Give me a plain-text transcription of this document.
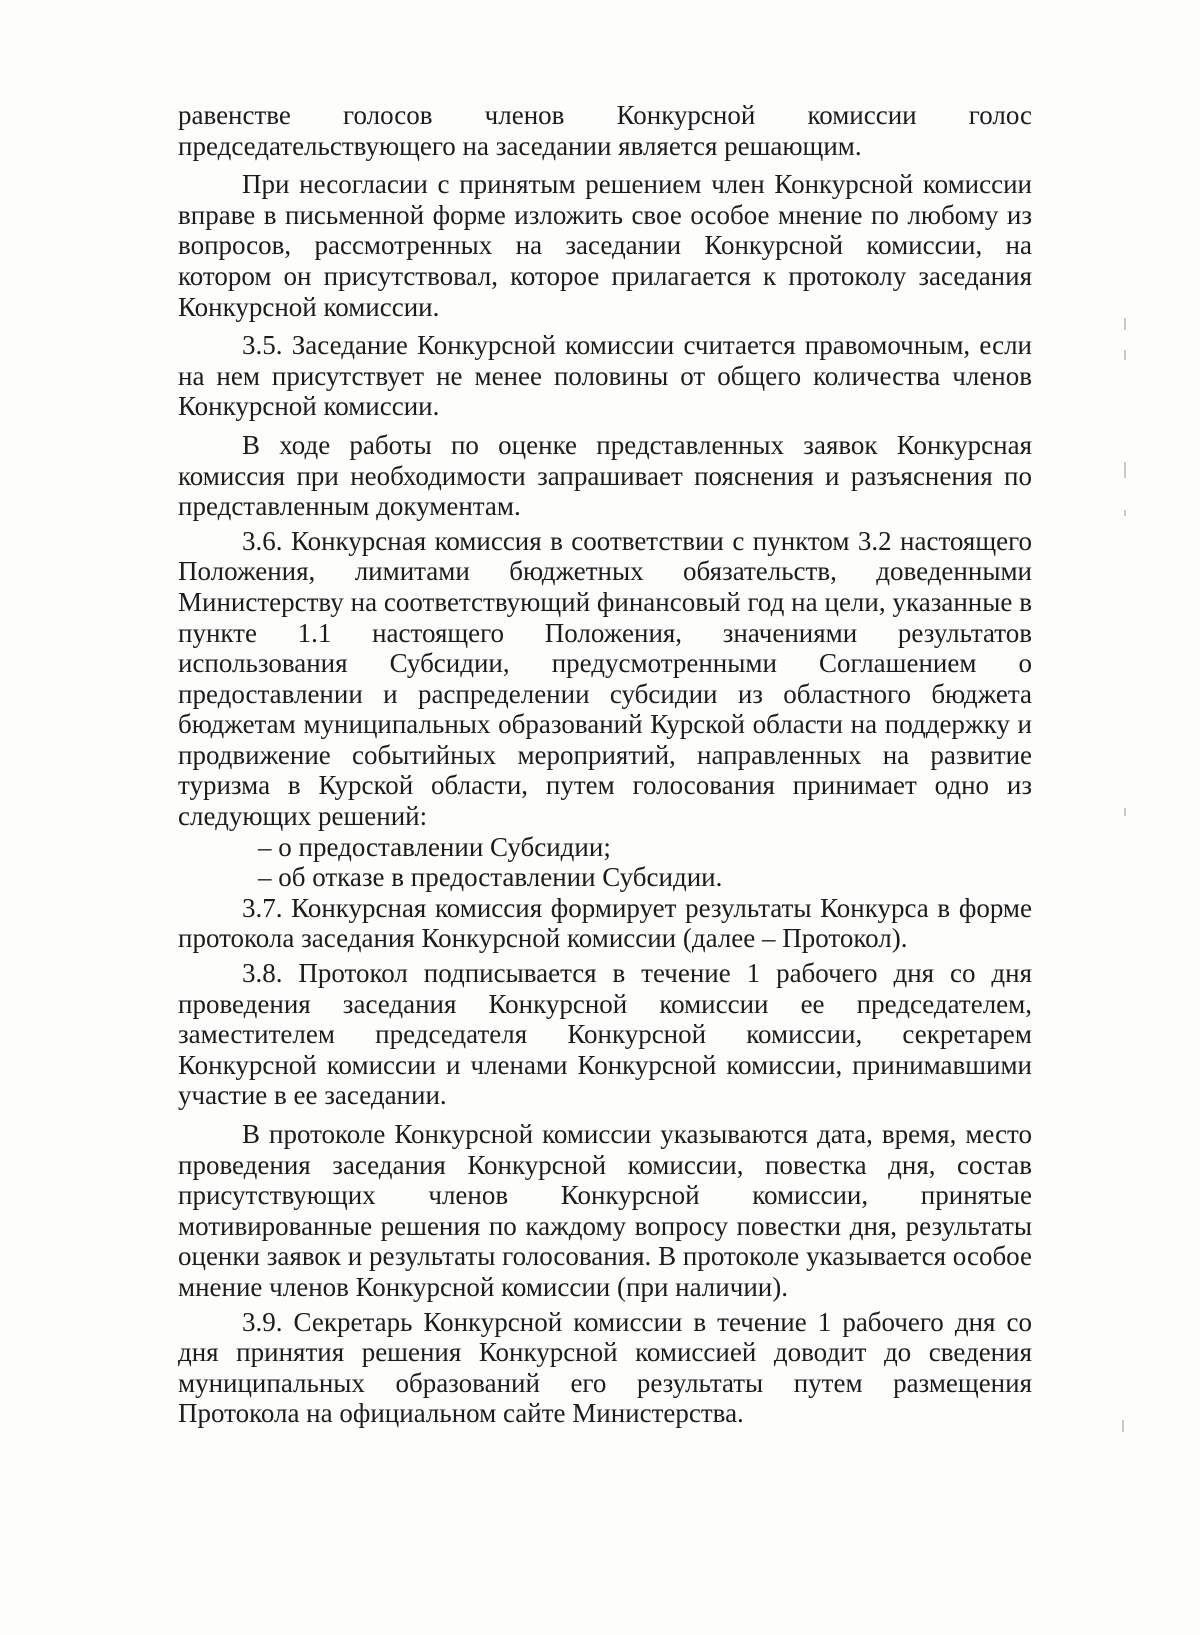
равенстве голосов членов Конкурсной комиссии голос председательствующего на заседании является решающим.

При несогласии с принятым решением член Конкурсной комиссии вправе в письменной форме изложить свое особое мнение по любому из вопросов, рассмотренных на заседании Конкурсной комиссии, на котором он присутствовал, которое прилагается к протоколу заседания Конкурсной комиссии.

3.5. Заседание Конкурсной комиссии считается правомочным, если на нем присутствует не менее половины от общего количества членов Конкурсной комиссии.

В ходе работы по оценке представленных заявок Конкурсная комиссия при необходимости запрашивает пояснения и разъяснения по представленным документам.

3.6. Конкурсная комиссия в соответствии с пунктом 3.2 настоящего Положения, лимитами бюджетных обязательств, доведенными Министерству на соответствующий финансовый год на цели, указанные в пункте 1.1 настоящего Положения, значениями результатов использования Субсидии, предусмотренными Соглашением о предоставлении и распределении субсидии из областного бюджета бюджетам муниципальных образований Курской области на поддержку и продвижение событийных мероприятий, направленных на развитие туризма в Курской области, путем голосования принимает одно из следующих решений:

– о предоставлении Субсидии;

– об отказе в предоставлении Субсидии.

3.7. Конкурсная комиссия формирует результаты Конкурса в форме протокола заседания Конкурсной комиссии (далее – Протокол).

3.8. Протокол подписывается в течение 1 рабочего дня со дня проведения заседания Конкурсной комиссии ее председателем, заместителем председателя Конкурсной комиссии, секретарем Конкурсной комиссии и членами Конкурсной комиссии, принимавшими участие в ее заседании.

В протоколе Конкурсной комиссии указываются дата, время, место проведения заседания Конкурсной комиссии, повестка дня, состав присутствующих членов Конкурсной комиссии, принятые мотивированные решения по каждому вопросу повестки дня, результаты оценки заявок и результаты голосования. В протоколе указывается особое мнение членов Конкурсной комиссии (при наличии).

3.9. Секретарь Конкурсной комиссии в течение 1 рабочего дня со дня принятия решения Конкурсной комиссией доводит до сведения муниципальных образований его результаты путем размещения Протокола на официальном сайте Министерства.
